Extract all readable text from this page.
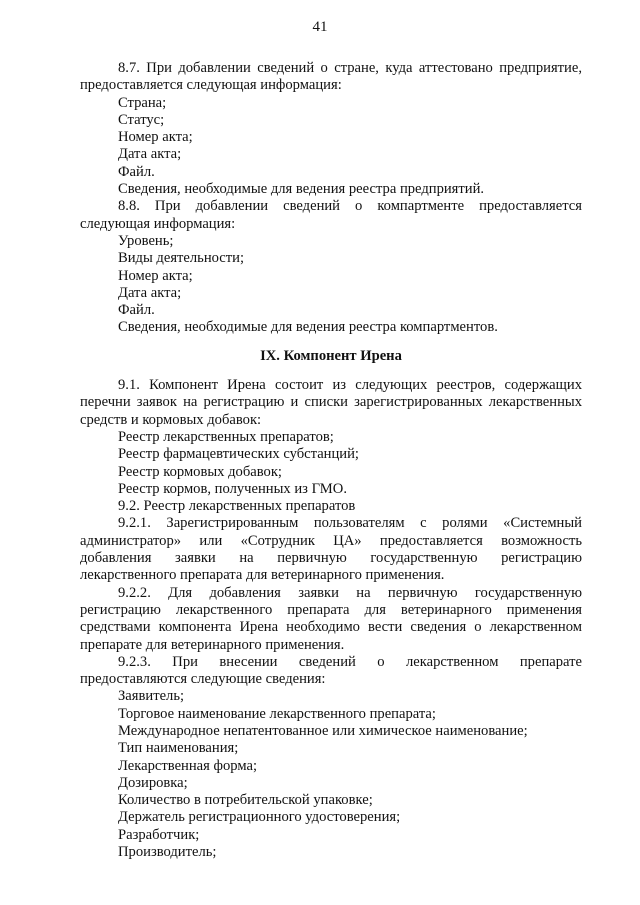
41

8.7. При добавлении сведений о стране, куда аттестовано предприятие, предоставляется следующая информация:

Страна;

Статус;

Номер акта;

Дата акта;

Файл.

Сведения, необходимые для ведения реестра предприятий.

8.8. При добавлении сведений о компартменте предоставляется следующая информация:

Уровень;

Виды деятельности;

Номер акта;

Дата акта;

Файл.

Сведения, необходимые для ведения реестра компартментов.

IX. Компонент Ирена

9.1. Компонент Ирена состоит из следующих реестров, содержащих перечни заявок на регистрацию и списки зарегистрированных лекарственных средств и кормовых добавок:

Реестр лекарственных препаратов;

Реестр фармацевтических субстанций;

Реестр кормовых добавок;

Реестр кормов, полученных из ГМО.

9.2. Реестр лекарственных препаратов

9.2.1. Зарегистрированным пользователям с ролями «Системный администратор» или «Сотрудник ЦА» предоставляется возможность добавления заявки на первичную государственную регистрацию лекарственного препарата для ветеринарного применения.

9.2.2. Для добавления заявки на первичную государственную регистрацию лекарственного препарата для ветеринарного применения средствами компонента Ирена необходимо вести сведения о лекарственном препарате для ветеринарного применения.

9.2.3. При внесении сведений о лекарственном препарате предоставляются следующие сведения:

Заявитель;

Торговое наименование лекарственного препарата;

Международное непатентованное или химическое наименование;

Тип наименования;

Лекарственная форма;

Дозировка;

Количество в потребительской упаковке;

Держатель регистрационного удостоверения;

Разработчик;

Производитель;
